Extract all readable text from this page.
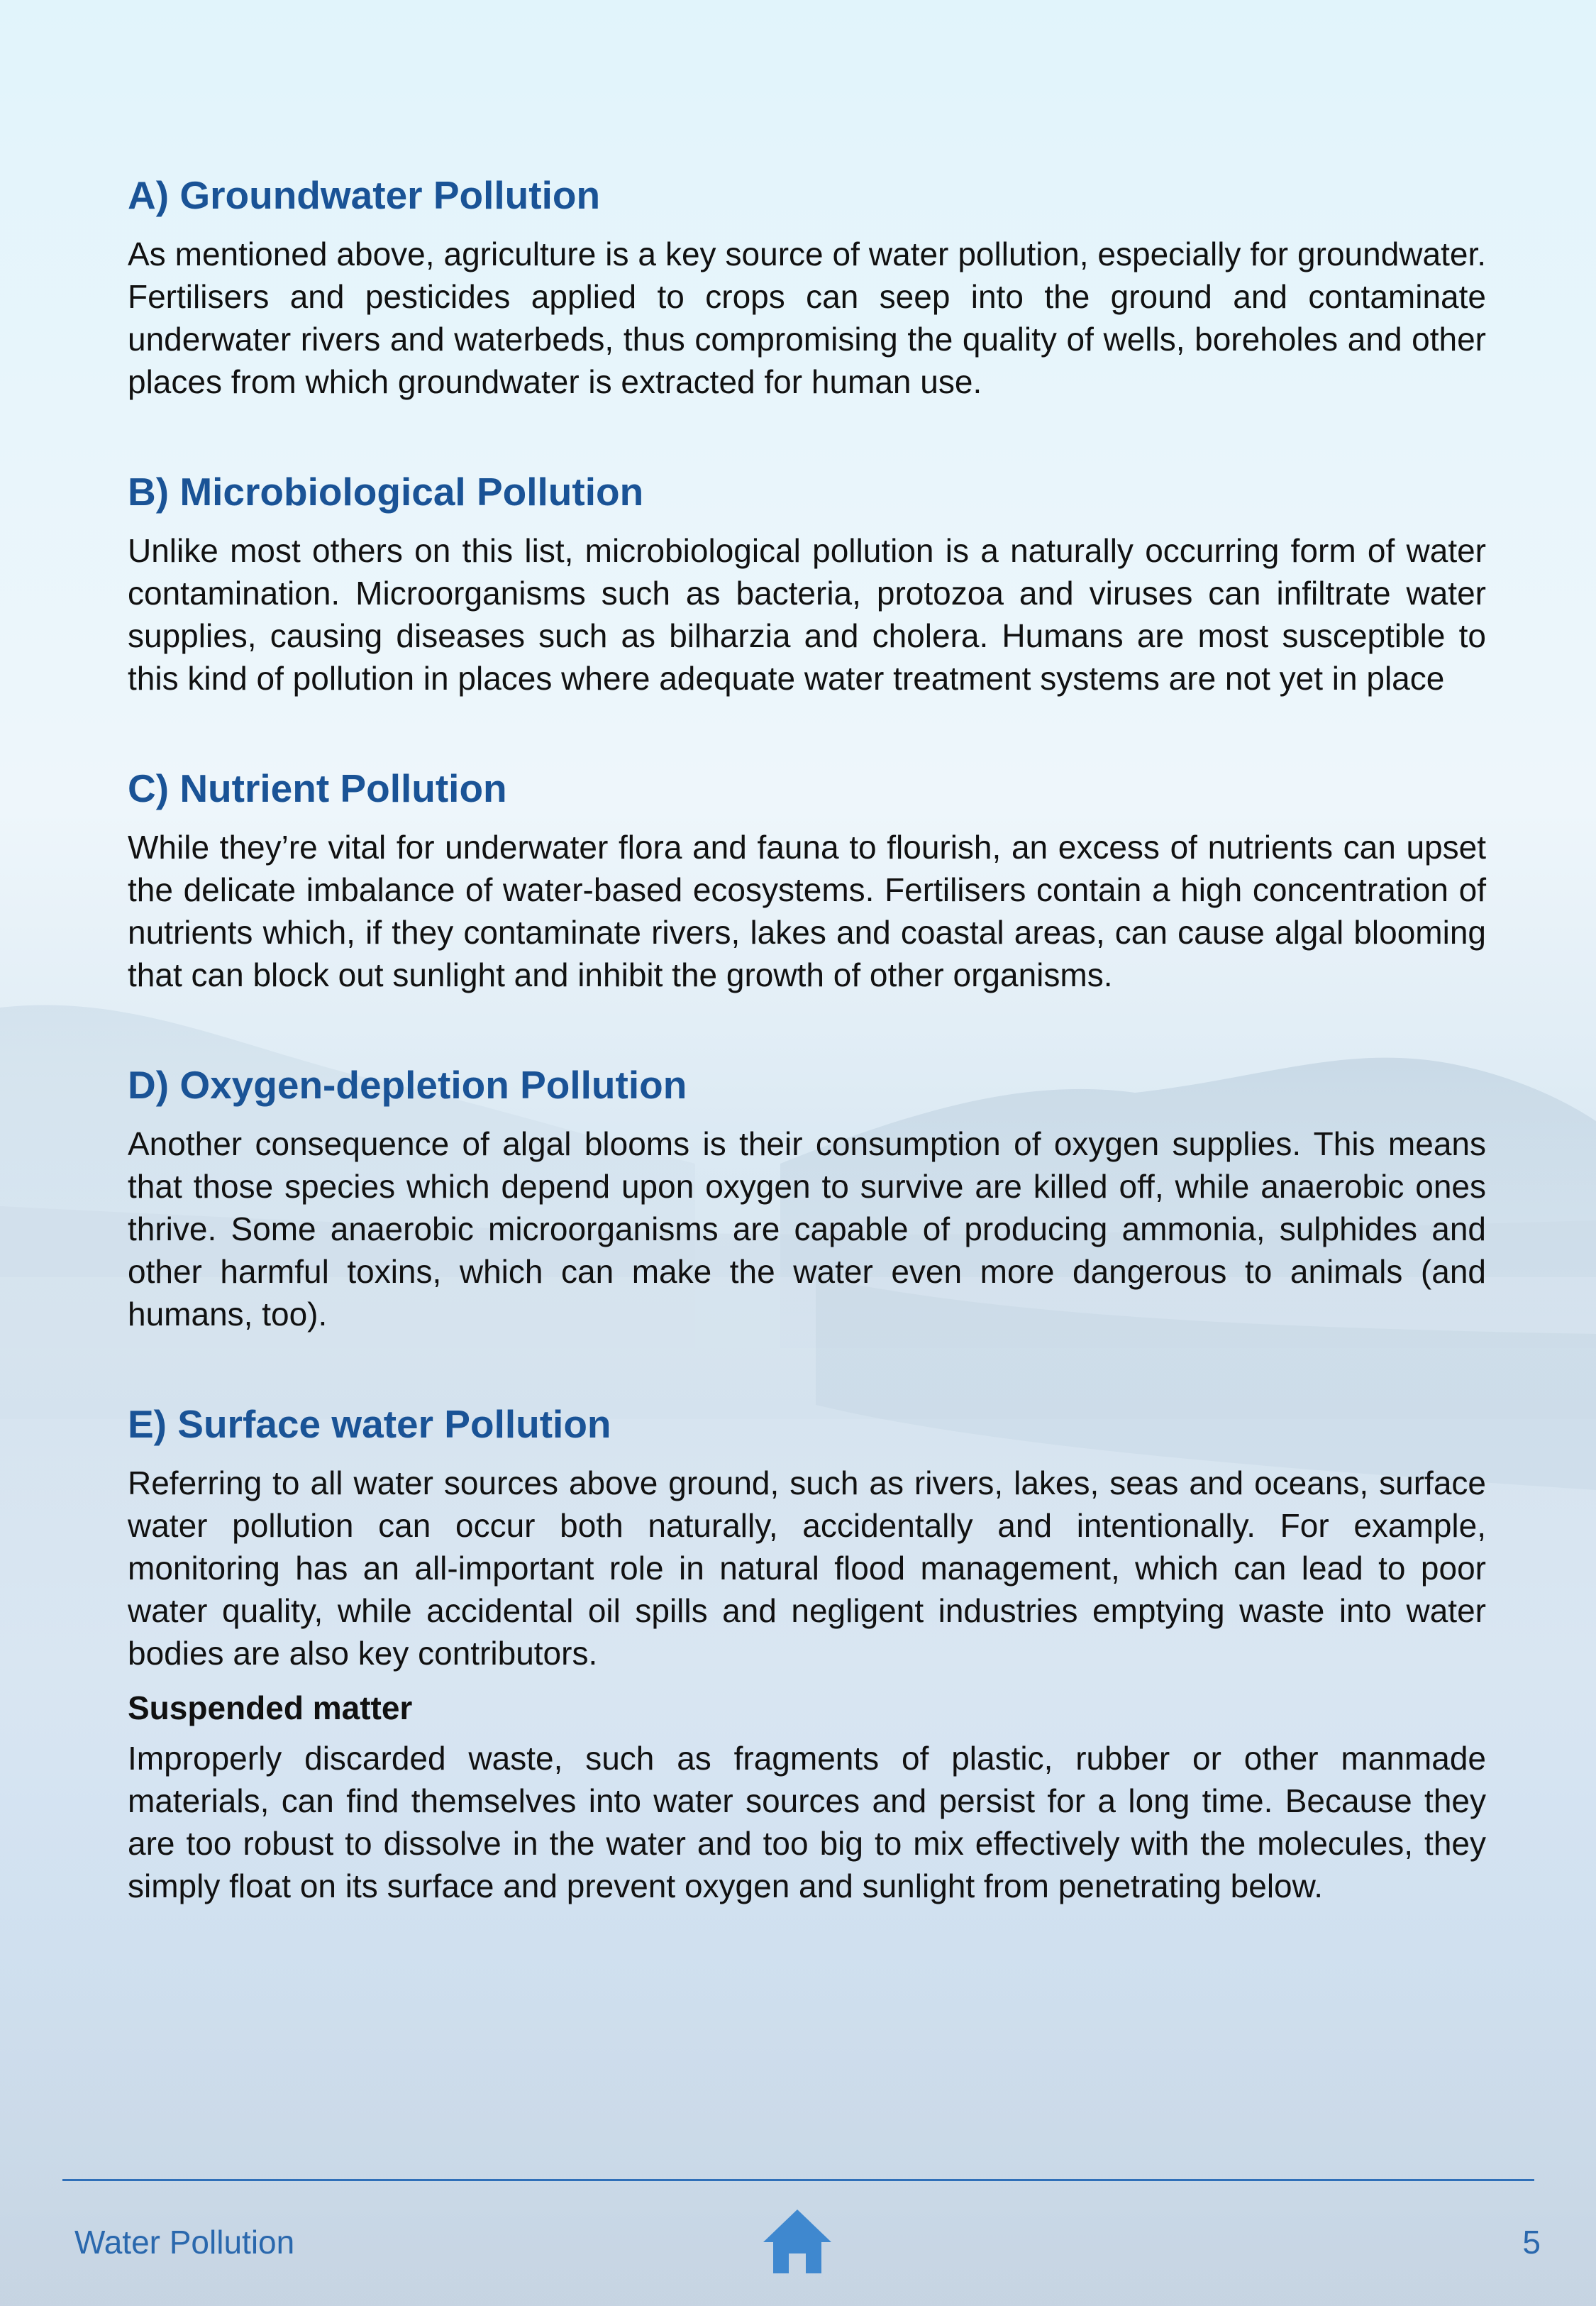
A) Groundwater Pollution

As mentioned above, agriculture is a key source of water pollution, especially for groundwater. Fertilisers and pesticides applied to crops can seep into the ground and contaminate underwater rivers and waterbeds, thus compromising the quality of wells, boreholes and other places from which groundwater is extracted for human use.

B) Microbiological Pollution

Unlike most others on this list, microbiological pollution is a naturally occurring form of water contamination. Microorganisms such as bacteria, protozoa and viruses can infiltrate water supplies, causing diseases such as bilharzia and cholera. Humans are most susceptible to this kind of pollution in places where adequate water treatment systems are not yet in place

C) Nutrient Pollution

While they’re vital for underwater flora and fauna to flourish, an excess of nutrients can upset the delicate imbalance of water-based ecosystems. Fertilisers contain a high concentration of nutrients which, if they contaminate rivers, lakes and coastal areas, can cause algal blooming that can block out sunlight and inhibit the growth of other organisms.

D) Oxygen-depletion Pollution

Another consequence of algal blooms is their consumption of oxygen supplies. This means that those species which depend upon oxygen to survive are killed off, while anaerobic ones thrive. Some anaerobic microorganisms are capable of producing ammonia, sulphides and other harmful toxins, which can make the water even more dangerous to animals (and humans, too).

E) Surface water Pollution

Referring to all water sources above ground, such as rivers, lakes, seas and oceans, surface water pollution can occur both naturally, accidentally and intentionally. For example, monitoring has an all-important role in natural flood management, which can lead to poor water quality, while accidental oil spills and negligent industries emptying waste into water bodies are also key contributors.

Suspended matter

Improperly discarded waste, such as fragments of plastic, rubber or other manmade materials, can find themselves into water sources and persist for a long time. Because they are too robust to dissolve in the water and too big to mix effectively with the molecules, they simply float on its surface and prevent oxygen and sunlight from penetrating below.

Water Pollution	5
